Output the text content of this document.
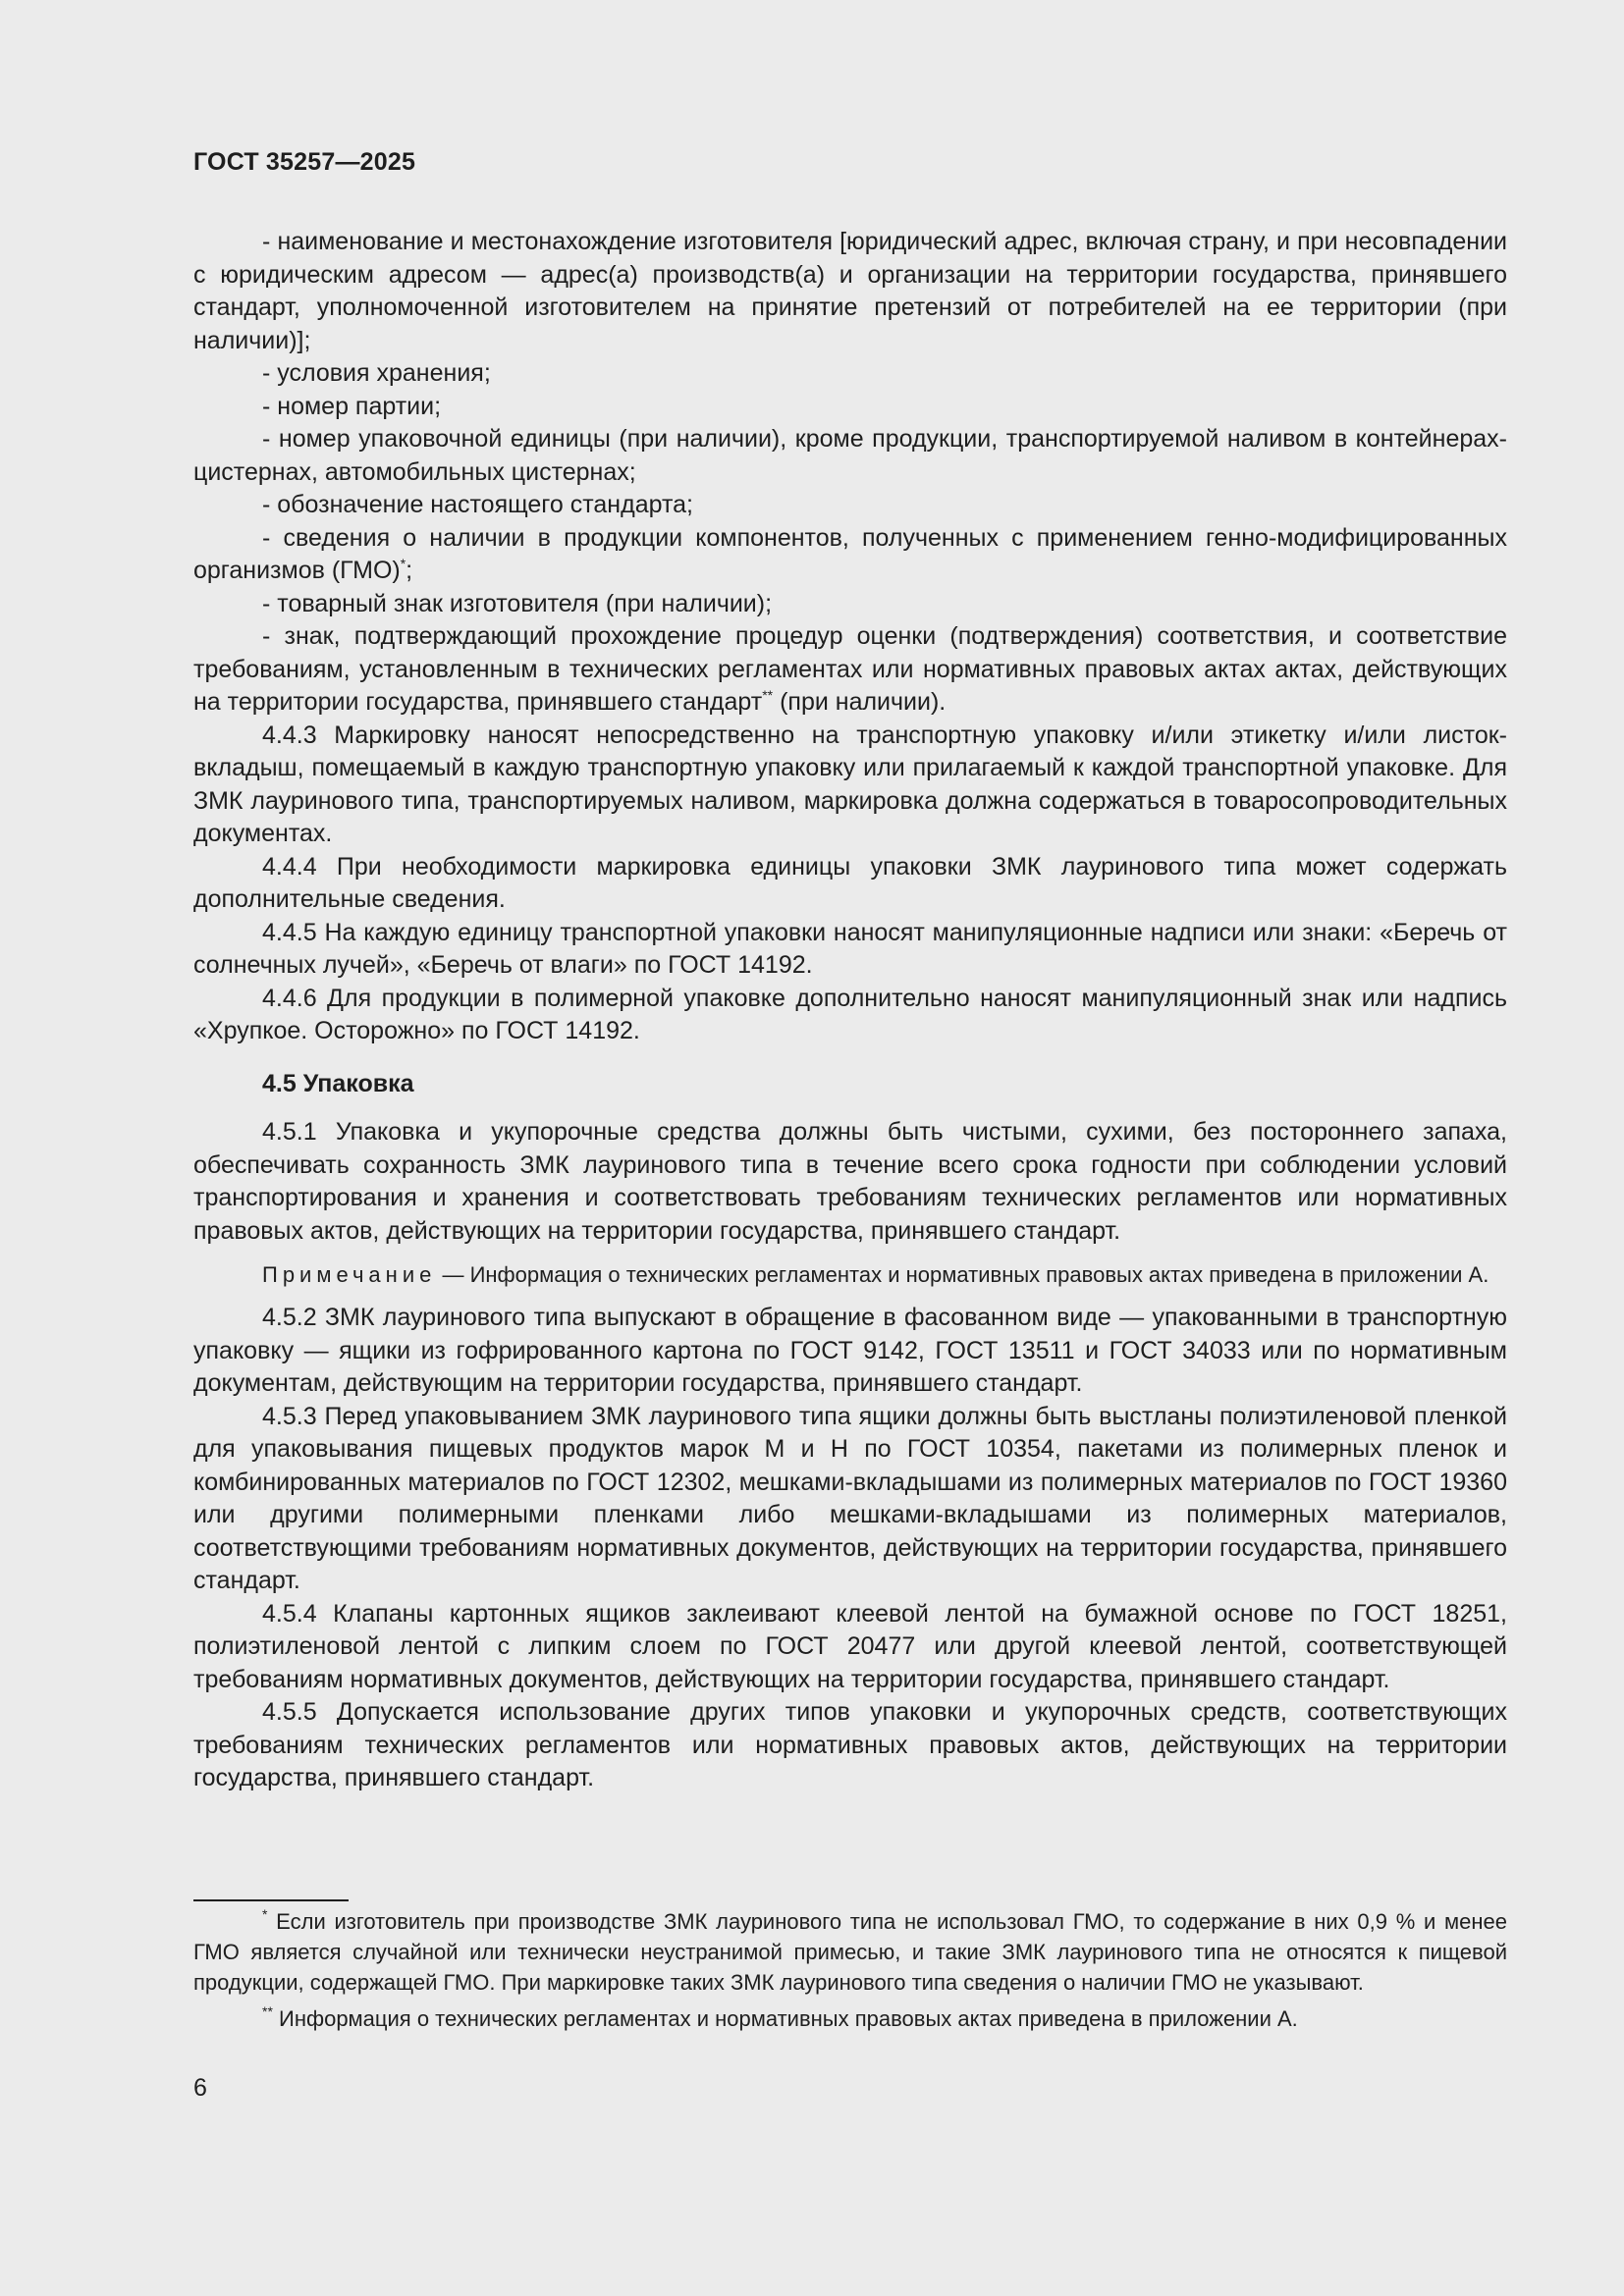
ГОСТ 35257—2025

- наименование и местонахождение изготовителя [юридический адрес, включая страну, и при несовпадении с юридическим адресом — адрес(а) производств(а) и организации на территории государства, принявшего стандарт, уполномоченной изготовителем на принятие претензий от потребителей на ее территории (при наличии)];

- условия хранения;

- номер партии;

- номер упаковочной единицы (при наличии), кроме продукции, транспортируемой наливом в контейнерах-цистернах, автомобильных цистернах;

- обозначение настоящего стандарта;

- сведения о наличии в продукции компонентов, полученных с применением генно-модифицированных организмов (ГМО)*;

- товарный знак изготовителя (при наличии);

- знак, подтверждающий прохождение процедур оценки (подтверждения) соответствия, и соответствие требованиям, установленным в технических регламентах или нормативных правовых актах актах, действующих на территории государства, принявшего стандарт** (при наличии).

4.4.3 Маркировку наносят непосредственно на транспортную упаковку и/или этикетку и/или листок-вкладыш, помещаемый в каждую транспортную упаковку или прилагаемый к каждой транспортной упаковке. Для ЗМК лауринового типа, транспортируемых наливом, маркировка должна содержаться в товаросопроводительных документах.

4.4.4 При необходимости маркировка единицы упаковки ЗМК лауринового типа может содержать дополнительные сведения.

4.4.5 На каждую единицу транспортной упаковки наносят манипуляционные надписи или знаки: «Беречь от солнечных лучей», «Беречь от влаги» по ГОСТ 14192.

4.4.6 Для продукции в полимерной упаковке дополнительно наносят манипуляционный знак или надпись «Хрупкое. Осторожно» по ГОСТ 14192.

4.5 Упаковка

4.5.1 Упаковка и укупорочные средства должны быть чистыми, сухими, без постороннего запаха, обеспечивать сохранность ЗМК лауринового типа в течение всего срока годности при соблюдении условий транспортирования и хранения и соответствовать требованиям технических регламентов или нормативных правовых актов, действующих на территории государства, принявшего стандарт.

Примечание — Информация о технических регламентах и нормативных правовых актах приведена в приложении А.

4.5.2 ЗМК лауринового типа выпускают в обращение в фасованном виде — упакованными в транспортную упаковку — ящики из гофрированного картона по ГОСТ 9142, ГОСТ 13511 и ГОСТ 34033 или по нормативным документам, действующим на территории государства, принявшего стандарт.

4.5.3 Перед упаковыванием ЗМК лауринового типа ящики должны быть выстланы полиэтиленовой пленкой для упаковывания пищевых продуктов марок М и Н по ГОСТ 10354, пакетами из полимерных пленок и комбинированных материалов по ГОСТ 12302, мешками-вкладышами из полимерных материалов по ГОСТ 19360 или другими полимерными пленками либо мешками-вкладышами из полимерных материалов, соответствующими требованиям нормативных документов, действующих на территории государства, принявшего стандарт.

4.5.4 Клапаны картонных ящиков заклеивают клеевой лентой на бумажной основе по ГОСТ 18251, полиэтиленовой лентой с липким слоем по ГОСТ 20477 или другой клеевой лентой, соответствующей требованиям нормативных документов, действующих на территории государства, принявшего стандарт.

4.5.5 Допускается использование других типов упаковки и укупорочных средств, соответствующих требованиям технических регламентов или нормативных правовых актов, действующих на территории государства, принявшего стандарт.

* Если изготовитель при производстве ЗМК лауринового типа не использовал ГМО, то содержание в них 0,9 % и менее ГМО является случайной или технически неустранимой примесью, и такие ЗМК лауринового типа не относятся к пищевой продукции, содержащей ГМО. При маркировке таких ЗМК лауринового типа сведения о наличии ГМО не указывают.

** Информация о технических регламентах и нормативных правовых актах приведена в приложении А.

6
